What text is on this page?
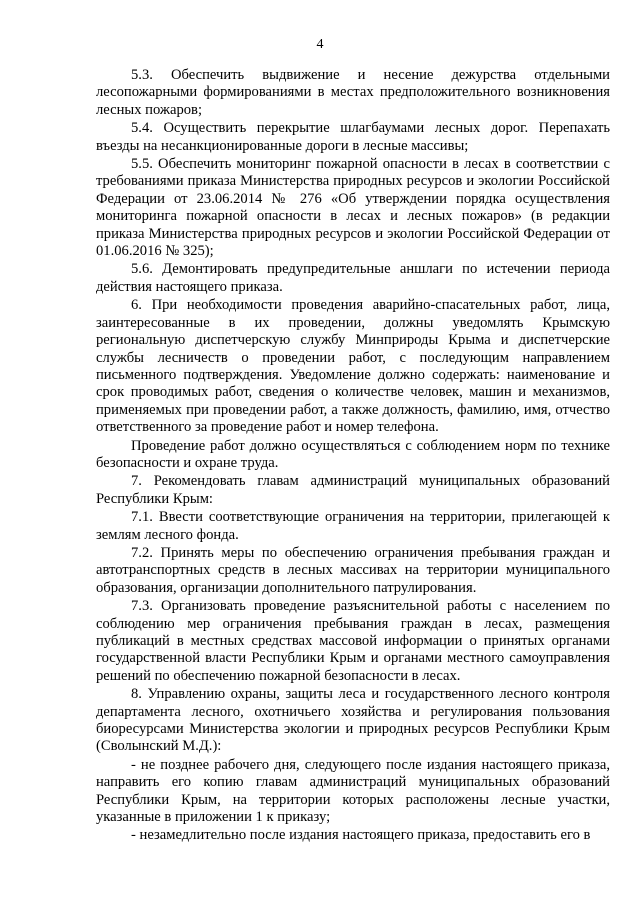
4

5.3. Обеспечить выдвижение и несение дежурства отдельными лесопожарными формированиями в местах предположительного возникновения лесных пожаров;

5.4. Осуществить перекрытие шлагбаумами лесных дорог. Перепахать въезды на несанкционированные дороги в лесные массивы;

5.5. Обеспечить мониторинг пожарной опасности в лесах в соответствии с требованиями приказа Министерства природных ресурсов и экологии Российской Федерации от 23.06.2014 № 276 «Об утверждении порядка осуществления мониторинга пожарной опасности в лесах и лесных пожаров» (в редакции приказа Министерства природных ресурсов и экологии Российской Федерации от 01.06.2016 № 325);

5.6. Демонтировать предупредительные аншлаги по истечении периода действия настоящего приказа.

6. При необходимости проведения аварийно-спасательных работ, лица, заинтересованные в их проведении, должны уведомлять Крымскую региональную диспетчерскую службу Минприроды Крыма и диспетчерские службы лесничеств о проведении работ, с последующим направлением письменного подтверждения. Уведомление должно содержать: наименование и срок проводимых работ, сведения о количестве человек, машин и механизмов, применяемых при проведении работ, а также должность, фамилию, имя, отчество ответственного за проведение работ и номер телефона.

Проведение работ должно осуществляться с соблюдением норм по технике безопасности и охране труда.

7. Рекомендовать главам администраций муниципальных образований Республики Крым:

7.1. Ввести соответствующие ограничения на территории, прилегающей к землям лесного фонда.

7.2. Принять меры по обеспечению ограничения пребывания граждан и автотранспортных средств в лесных массивах на территории муниципального образования, организации дополнительного патрулирования.

7.3. Организовать проведение разъяснительной работы с населением по соблюдению мер ограничения пребывания граждан в лесах, размещения публикаций в местных средствах массовой информации о принятых органами государственной власти Республики Крым и органами местного самоуправления решений по обеспечению пожарной безопасности в лесах.

8. Управлению охраны, защиты леса и государственного лесного контроля департамента лесного, охотничьего хозяйства и регулирования пользования биоресурсами Министерства экологии и природных ресурсов Республики Крым (Сволынский М.Д.):

- не позднее рабочего дня, следующего после издания настоящего приказа, направить его копию главам администраций муниципальных образований Республики Крым, на территории которых расположены лесные участки, указанные в приложении 1 к приказу;

- незамедлительно после издания настоящего приказа, предоставить его в
